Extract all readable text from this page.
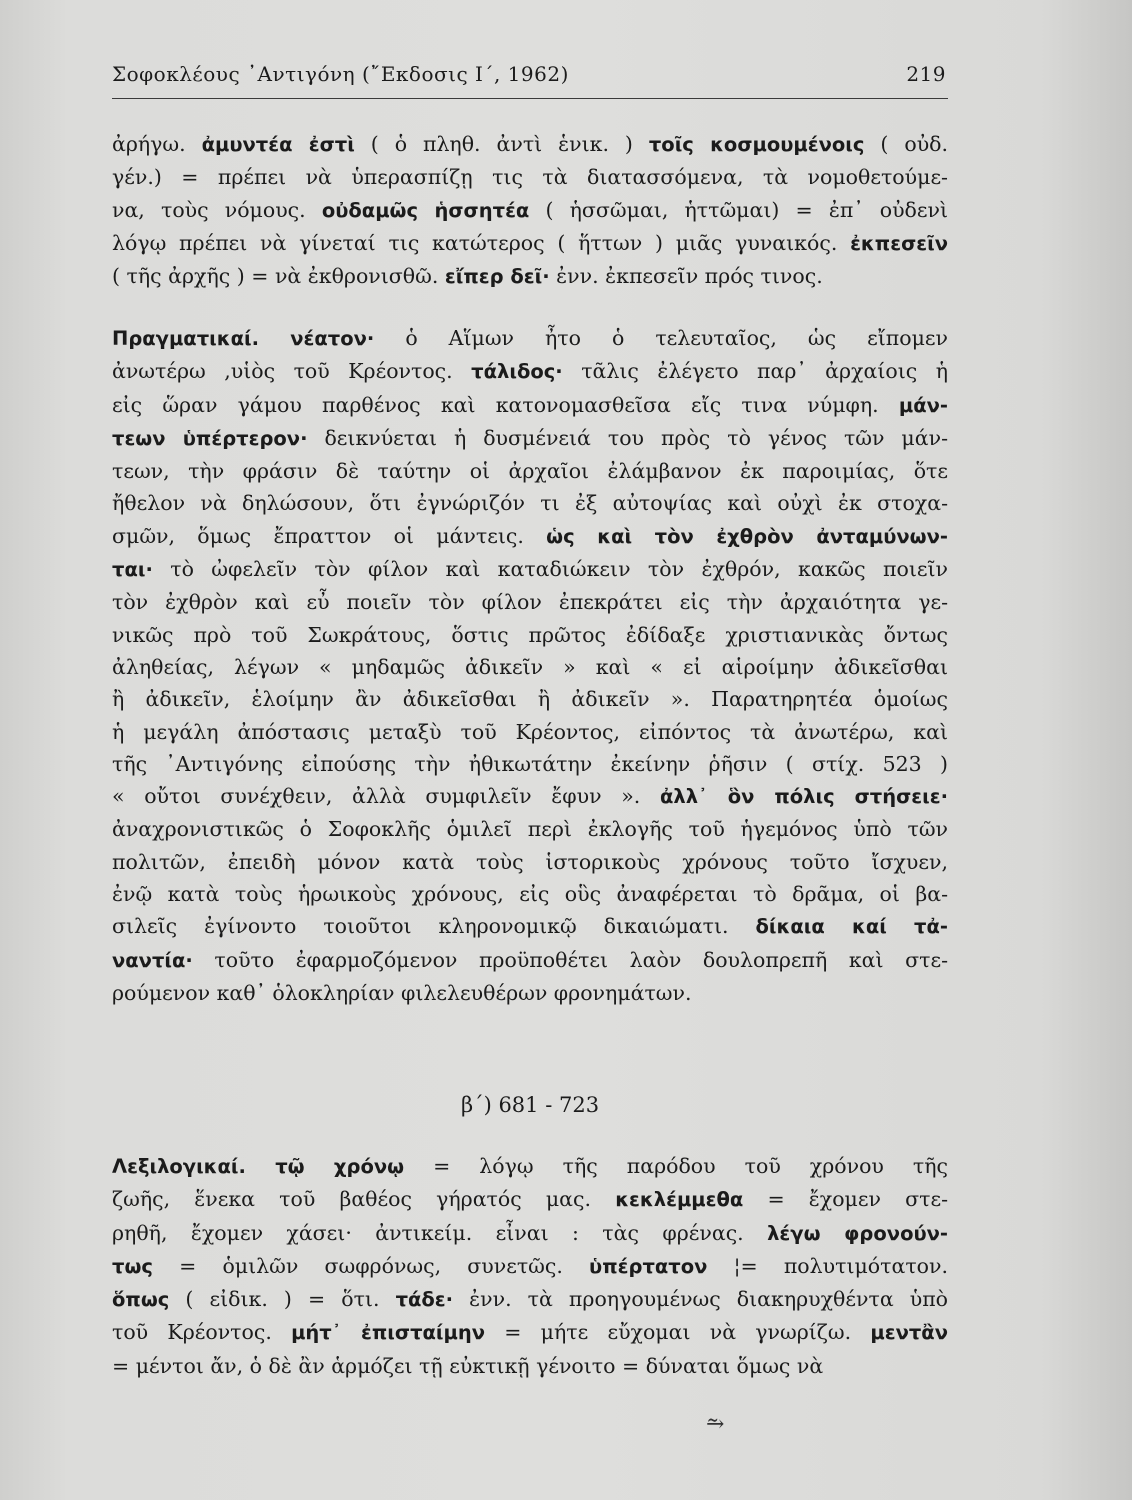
Σοφοκλέους ᾿Αντιγόνη (῎Εκδοσις Ι΄, 1962)	219
ἀρήγω. ἀμυντέα ἐστὶ ( ὁ πληθ. ἀντὶ ἑνικ. ) τοῖς κοσμουμένοις ( οὐδ.
γέν.) = πρέπει νὰ ὑπερασπίζῃ τις τὰ διατασσόμενα, τὰ νομοθετούμε-
να, τοὺς νόμους. οὐδαμῶς ἡσσητέα ( ἡσσῶμαι, ἡττῶμαι) = ἐπ᾿ οὐδενὶ
λόγῳ πρέπει νὰ γίνεταί τις κατώτερος ( ἥττων ) μιᾶς γυναικός. ἐκπεσεῖν
( τῆς ἀρχῆς ) = νὰ ἐκθρονισθῶ. εἴπερ δεῖ· ἐνν. ἐκπεσεῖν πρός τινος.
Πραγματικαί. νέατον· ὁ Αἵμων ἦτο ὁ τελευταῖος, ὡς εἴπομεν
ἀνωτέρω ,υἱὸς τοῦ Κρέοντος. τάλιδος· τᾶλις ἐλέγετο παρ᾿ ἀρχαίοις ἡ
εἰς ὥραν γάμου παρθένος καὶ κατονομασθεῖσα εἴς τινα νύμφη. μάν-
τεων ὑπέρτερον· δεικνύεται ἡ δυσμένειά του πρὸς τὸ γένος τῶν μάν-
τεων, τὴν φράσιν δὲ ταύτην οἱ ἀρχαῖοι ἐλάμβανον ἐκ παροιμίας, ὅτε
ἤθελον νὰ δηλώσουν, ὅτι ἐγνώριζόν τι ἐξ αὐτοψίας καὶ οὐχὶ ἐκ στοχα-
σμῶν, ὅμως ἔπραττον οἱ μάντεις. ὡς καὶ τὸν ἐχθρὸν ἀνταμύνων-
ται· τὸ ὠφελεῖν τὸν φίλον καὶ καταδιώκειν τὸν ἐχθρόν, κακῶς ποιεῖν
τὸν ἐχθρὸν καὶ εὖ ποιεῖν τὸν φίλον ἐπεκράτει εἰς τὴν ἀρχαιότητα γε-
νικῶς πρὸ τοῦ Σωκράτους, ὅστις πρῶτος ἐδίδαξε χριστιανικὰς ὄντως
ἀληθείας, λέγων « μηδαμῶς ἀδικεῖν » καὶ « εἰ αἱροίμην ἀδικεῖσθαι
ἢ ἀδικεῖν, ἑλοίμην ἂν ἀδικεῖσθαι ἢ ἀδικεῖν ». Παρατηρητέα ὁμοίως
ἡ μεγάλη ἀπόστασις μεταξὺ τοῦ Κρέοντος, εἰπόντος τὰ ἀνωτέρω, καὶ
τῆς ᾿Αντιγόνης εἰπούσης τὴν ἠθικωτάτην ἐκείνην ῥῆσιν ( στίχ. 523 )
« οὔτοι συνέχθειν, ἀλλὰ συμφιλεῖν ἔφυν ». ἀλλ᾿ ὃν πόλις στήσειε·
ἀναχρονιστικῶς ὁ Σοφοκλῆς ὁμιλεῖ περὶ ἐκλογῆς τοῦ ἡγεμόνος ὑπὸ τῶν
πολιτῶν, ἐπειδὴ μόνον κατὰ τοὺς ἱστορικοὺς χρόνους τοῦτο ἴσχυεν,
ἐνῷ κατὰ τοὺς ἡρωικοὺς χρόνους, εἰς οὓς ἀναφέρεται τὸ δρᾶμα, οἱ βα-
σιλεῖς ἐγίνοντο τοιοῦτοι κληρονομικῷ δικαιώματι. δίκαια καί τἀ-
ναντία· τοῦτο ἐφαρμοζόμενον προϋποθέτει λαὸν δουλοπρεπῆ καὶ στε-
ρούμενον καθ᾿ ὁλοκληρίαν φιλελευθέρων φρονημάτων.
β΄) 681 - 723
Λεξιλογικαί. τῷ χρόνῳ = λόγῳ τῆς παρόδου τοῦ χρόνου τῆς
ζωῆς, ἕνεκα τοῦ βαθέος γήρατός μας. κεκλέμμεθα = ἔχομεν στε-
ρηθῆ, ἔχομεν χάσει· ἀντικείμ. εἶναι : τὰς φρένας. λέγω φρονούν-
τως = ὁμιλῶν σωφρόνως, συνετῶς. ὑπέρτατον ¦= πολυτιμότατον.
ὅπως ( εἰδικ. ) = ὅτι. τάδε· ἐνν. τὰ προηγουμένως διακηρυχθέντα ὑπὸ
τοῦ Κρέοντος. μήτ᾿ ἐπισταίμην = μήτε εὔχομαι νὰ γνωρίζω. μεντἂν
= μέντοι ἄν, ὁ δὲ ἂν ἁρμόζει τῇ εὐκτικῇ γένοιτο = δύναται ὅμως νὰ
⥲
